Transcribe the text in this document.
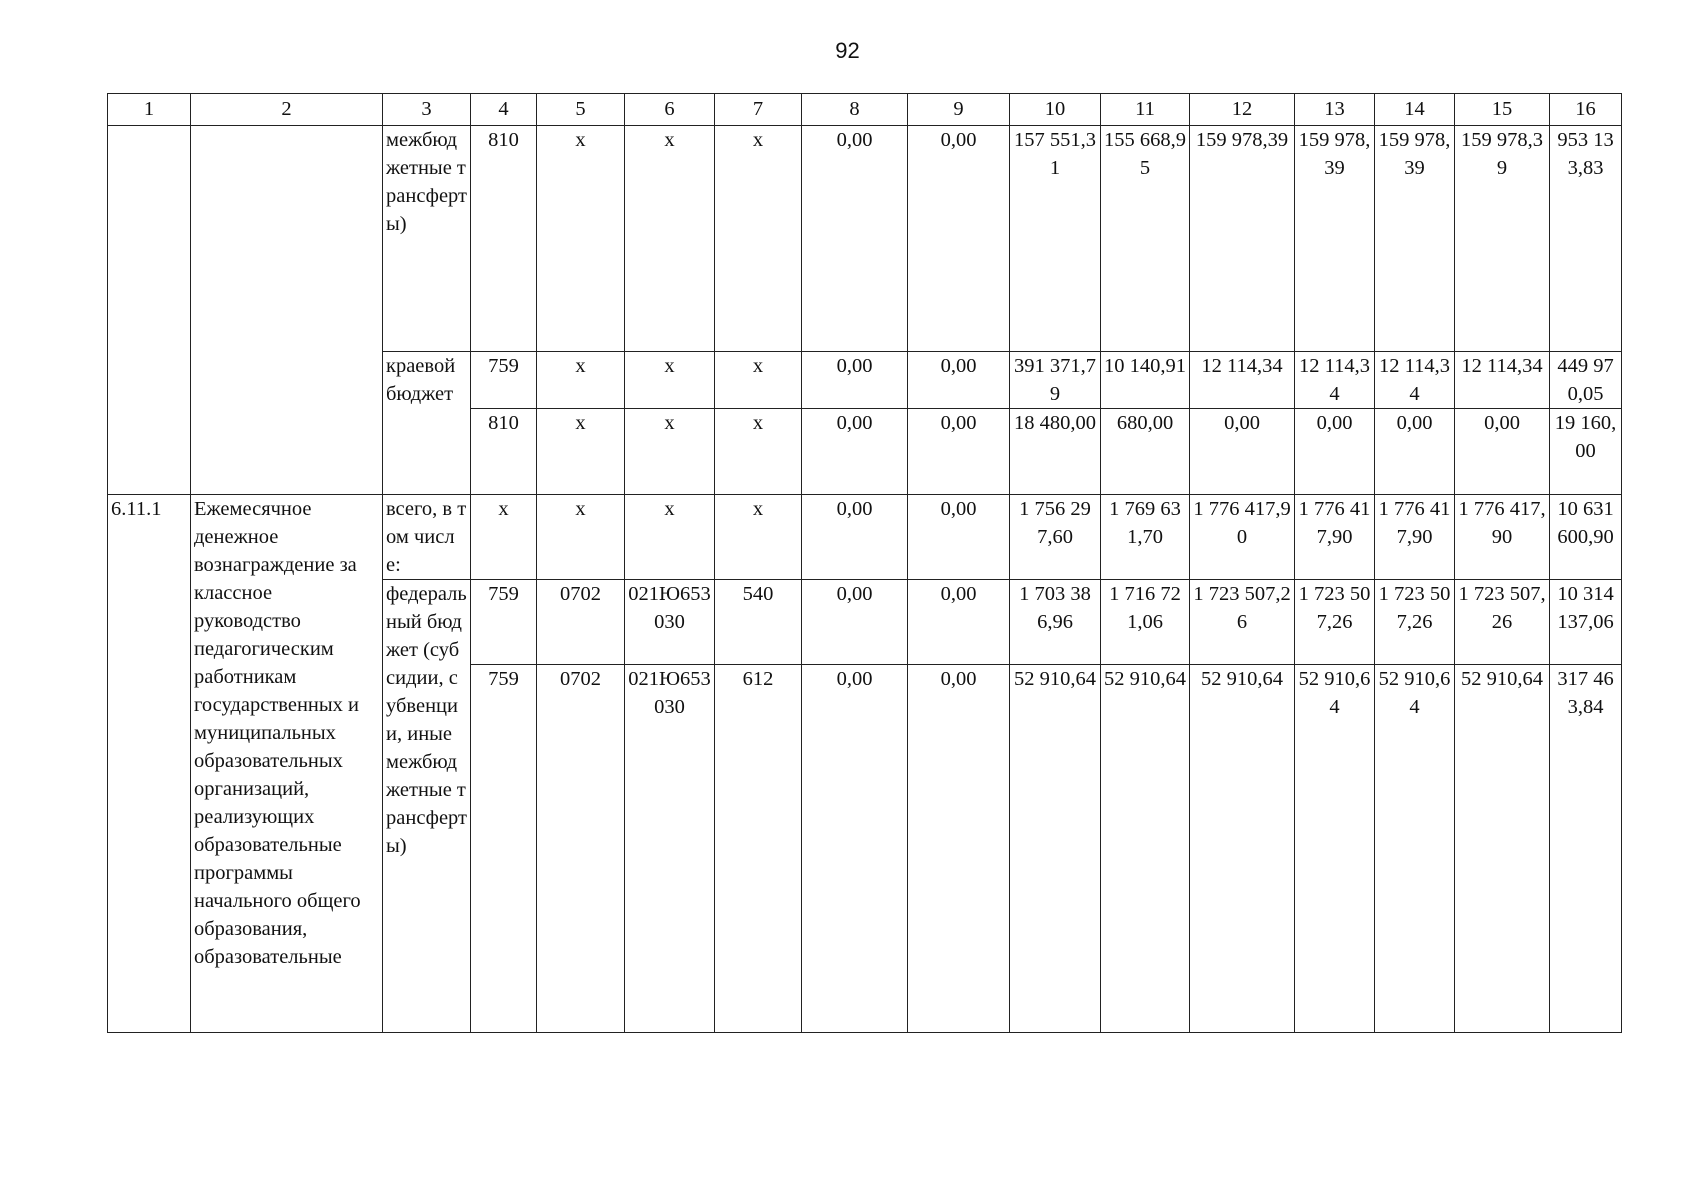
92
1	2	3	4	5	6	7	8	9	10	11	12	13	14	15	16
		межбюджетные трансферты)	810	x	x	x	0,00	0,00	157 551,31	155 668,95	159 978,39	159 978,39	159 978,39	159 978,39	953 133,83
		краевой бюджет	759	x	x	x	0,00	0,00	391 371,79	10 140,91	12 114,34	12 114,34	12 114,34	12 114,34	449 970,05
			810	x	x	x	0,00	0,00	18 480,00	680,00	0,00	0,00	0,00	0,00	19 160,00
6.11.1	Ежемесячное денежное вознаграждение за классное руководство педагогическим работникам государственных и муниципальных образовательных организаций, реализующих образовательные программы начального общего образования, образовательные	всего, в том числе:	x	x	x	x	0,00	0,00	1 756 297,60	1 769 631,70	1 776 417,90	1 776 417,90	1 776 417,90	1 776 417,90	10 631 600,90
		федеральный бюджет (субсидии, субвенции, иные межбюджетные трансферты)	759	0702	021Ю653030	540	0,00	0,00	1 703 386,96	1 716 721,06	1 723 507,26	1 723 507,26	1 723 507,26	1 723 507,26	10 314 137,06
			759	0702	021Ю653030	612	0,00	0,00	52 910,64	52 910,64	52 910,64	52 910,64	52 910,64	52 910,64	317 463,84
